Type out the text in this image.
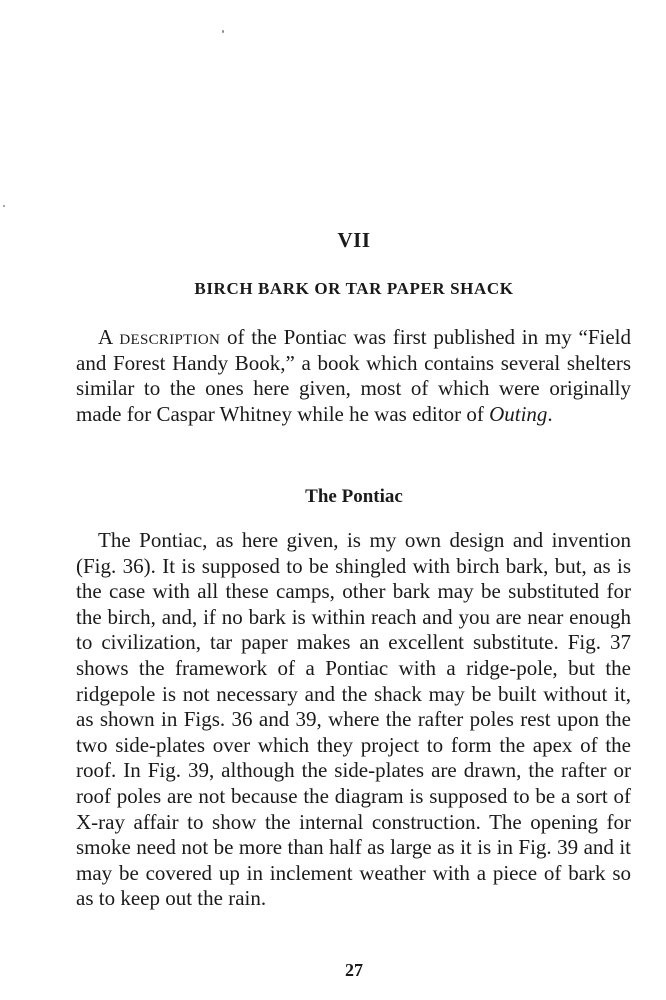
VII
BIRCH BARK OR TAR PAPER SHACK

A description of the Pontiac was first published in my “Field and Forest Handy Book,” a book which contains several shelters similar to the ones here given, most of which were originally made for Caspar Whitney while he was editor of Outing.

The Pontiac

The Pontiac, as here given, is my own design and invention (Fig. 36). It is supposed to be shingled with birch bark, but, as is the case with all these camps, other bark may be substituted for the birch, and, if no bark is within reach and you are near enough to civilization, tar paper makes an excellent substitute. Fig. 37 shows the framework of a Pontiac with a ridge-pole, but the ridgepole is not necessary and the shack may be built without it, as shown in Figs. 36 and 39, where the rafter poles rest upon the two side-plates over which they project to form the apex of the roof. In Fig. 39, although the side-plates are drawn, the rafter or roof poles are not because the diagram is supposed to be a sort of X-ray affair to show the internal construction. The opening for smoke need not be more than half as large as it is in Fig. 39 and it may be covered up in inclement weather with a piece of bark so as to keep out the rain.

27
